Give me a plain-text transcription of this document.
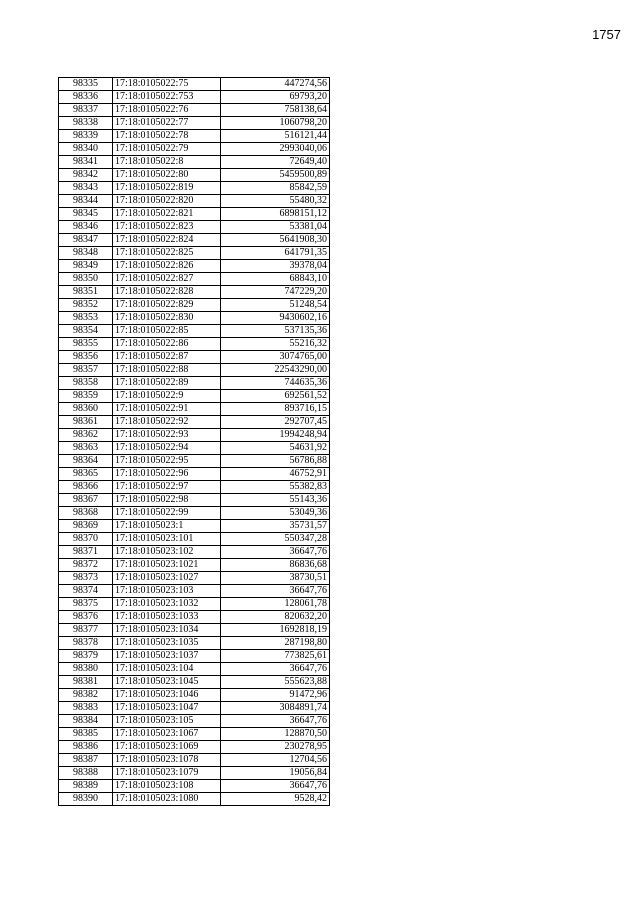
1757
98335	17:18:0105022:75	447274,56
98336	17:18:0105022:753	69793,20
98337	17:18:0105022:76	758138,64
98338	17:18:0105022:77	1060798,20
98339	17:18:0105022:78	516121,44
98340	17:18:0105022:79	2993040,06
98341	17:18:0105022:8	72649,40
98342	17:18:0105022:80	5459500,89
98343	17:18:0105022:819	85842,59
98344	17:18:0105022:820	55480,32
98345	17:18:0105022:821	6898151,12
98346	17:18:0105022:823	53381,04
98347	17:18:0105022:824	5641908,30
98348	17:18:0105022:825	641791,35
98349	17:18:0105022:826	39378,04
98350	17:18:0105022:827	68843,10
98351	17:18:0105022:828	747229,20
98352	17:18:0105022:829	51248,54
98353	17:18:0105022:830	9430602,16
98354	17:18:0105022:85	537135,36
98355	17:18:0105022:86	55216,32
98356	17:18:0105022:87	3074765,00
98357	17:18:0105022:88	22543290,00
98358	17:18:0105022:89	744635,36
98359	17:18:0105022:9	692561,52
98360	17:18:0105022:91	893716,15
98361	17:18:0105022:92	292707,45
98362	17:18:0105022:93	1994248,94
98363	17:18:0105022:94	54631,92
98364	17:18:0105022:95	56786,88
98365	17:18:0105022:96	46752,91
98366	17:18:0105022:97	55382,83
98367	17:18:0105022:98	55143,36
98368	17:18:0105022:99	53049,36
98369	17:18:0105023:1	35731,57
98370	17:18:0105023:101	550347,28
98371	17:18:0105023:102	36647,76
98372	17:18:0105023:1021	86836,68
98373	17:18:0105023:1027	38730,51
98374	17:18:0105023:103	36647,76
98375	17:18:0105023:1032	128061,78
98376	17:18:0105023:1033	820632,20
98377	17:18:0105023:1034	1692818,19
98378	17:18:0105023:1035	287198,80
98379	17:18:0105023:1037	773825,61
98380	17:18:0105023:104	36647,76
98381	17:18:0105023:1045	555623,88
98382	17:18:0105023:1046	91472,96
98383	17:18:0105023:1047	3084891,74
98384	17:18:0105023:105	36647,76
98385	17:18:0105023:1067	128870,50
98386	17:18:0105023:1069	230278,95
98387	17:18:0105023:1078	12704,56
98388	17:18:0105023:1079	19056,84
98389	17:18:0105023:108	36647,76
98390	17:18:0105023:1080	9528,42
